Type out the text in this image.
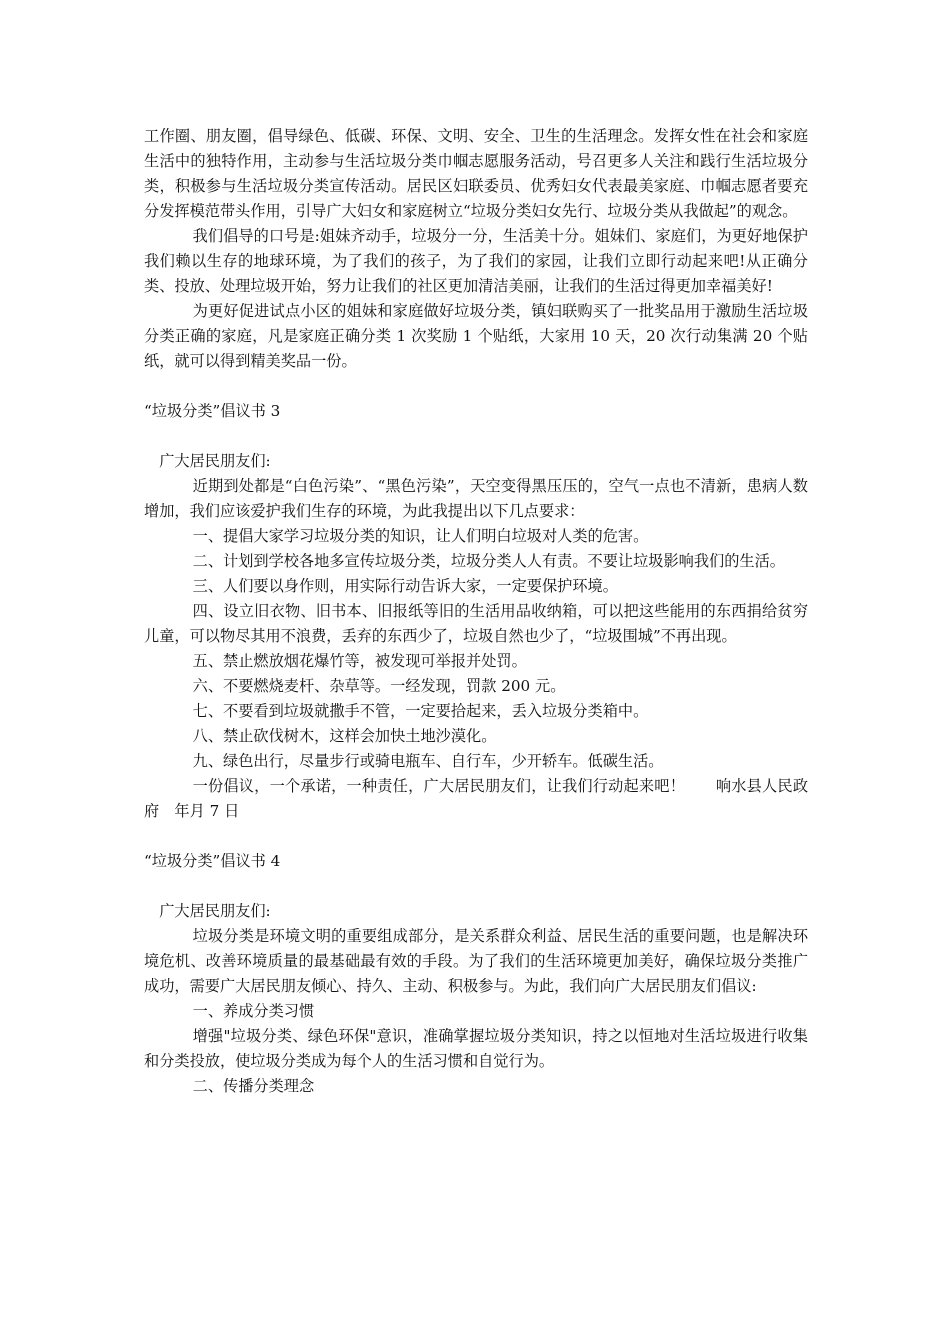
工作圈、朋友圈，倡导绿色、低碳、环保、文明、安全、卫生的生活理念。发挥女性在社会和家庭生活中的独特作用，主动参与生活垃圾分类巾帼志愿服务活动，号召更多人关注和践行生活垃圾分类，积极参与生活垃圾分类宣传活动。居民区妇联委员、优秀妇女代表最美家庭、巾帼志愿者要充分发挥模范带头作用，引导广大妇女和家庭树立“垃圾分类妇女先行、垃圾分类从我做起”的观念。

我们倡导的口号是:姐妹齐动手，垃圾分一分，生活美十分。姐妹们、家庭们，为更好地保护我们赖以生存的地球环境，为了我们的孩子，为了我们的家园，让我们立即行动起来吧!从正确分类、投放、处理垃圾开始，努力让我们的社区更加清洁美丽，让我们的生活过得更加幸福美好!

为更好促进试点小区的姐妹和家庭做好垃圾分类，镇妇联购买了一批奖品用于激励生活垃圾分类正确的家庭，凡是家庭正确分类 1 次奖励 1 个贴纸，大家用 10 天，20 次行动集满 20 个贴纸，就可以得到精美奖品一份。

“垃圾分类”倡议书 3

广大居民朋友们:

近期到处都是“白色污染”、“黑色污染”，天空变得黑压压的，空气一点也不清新，患病人数增加，我们应该爱护我们生存的环境，为此我提出以下几点要求：

一、提倡大家学习垃圾分类的知识，让人们明白垃圾对人类的危害。

二、计划到学校各地多宣传垃圾分类，垃圾分类人人有责。不要让垃圾影响我们的生活。

三、人们要以身作则，用实际行动告诉大家，一定要保护环境。

四、设立旧衣物、旧书本、旧报纸等旧的生活用品收纳箱，可以把这些能用的东西捐给贫穷儿童，可以物尽其用不浪费，丢弃的东西少了，垃圾自然也少了，“垃圾围城”不再出现。

五、禁止燃放烟花爆竹等，被发现可举报并处罚。

六、不要燃烧麦杆、杂草等。一经发现，罚款 200 元。

七、不要看到垃圾就撒手不管，一定要拾起来，丢入垃圾分类箱中。

八、禁止砍伐树木，这样会加快土地沙漠化。

九、绿色出行，尽量步行或骑电瓶车、自行车，少开轿车。低碳生活。

一份倡议，一个承诺，一种责任，广大居民朋友们，让我们行动起来吧！　　响水县人民政府　年月 7 日

“垃圾分类”倡议书 4

广大居民朋友们:

垃圾分类是环境文明的重要组成部分，是关系群众利益、居民生活的重要问题，也是解决环境危机、改善环境质量的最基础最有效的手段。为了我们的生活环境更加美好，确保垃圾分类推广成功，需要广大居民朋友倾心、持久、主动、积极参与。为此，我们向广大居民朋友们倡议:

一、养成分类习惯

增强"垃圾分类、绿色环保"意识，准确掌握垃圾分类知识，持之以恒地对生活垃圾进行收集和分类投放，使垃圾分类成为每个人的生活习惯和自觉行为。

二、传播分类理念
